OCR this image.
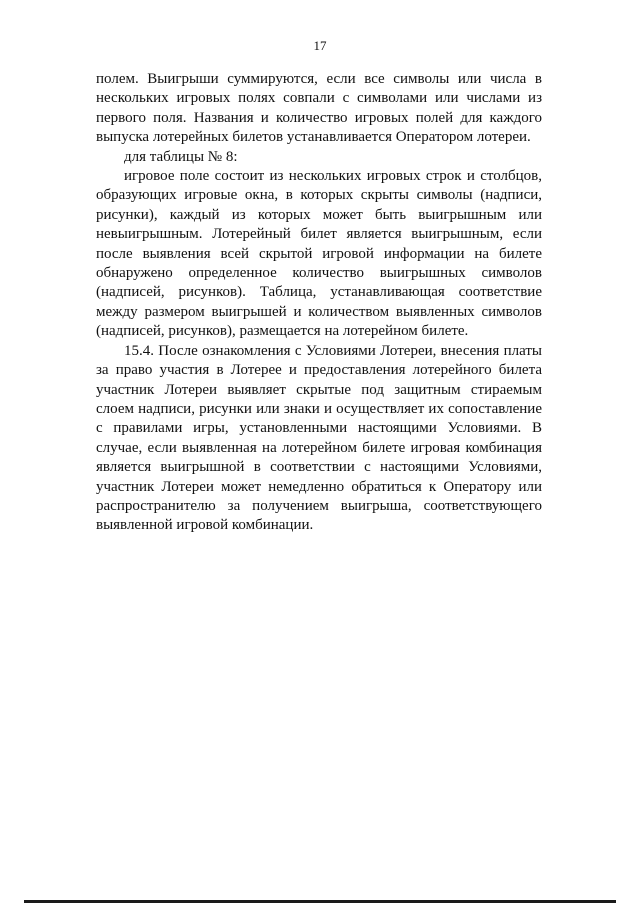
17

полем. Выигрыши суммируются, если все символы или числа в нескольких игровых полях совпали с символами или числами из первого поля. Названия и количество игровых полей для каждого выпуска лотерейных билетов устанавливается Оператором лотереи.

для таблицы № 8:

игровое поле состоит из нескольких игровых строк и столбцов, образующих игровые окна, в которых скрыты символы (надписи, рисунки), каждый из которых может быть выигрышным или невыигрышным. Лотерейный билет является выигрышным, если после выявления всей скрытой игровой информации на билете обнаружено определенное количество выигрышных символов (надписей, рисунков). Таблица, устанавливающая соответствие между размером выигрышей и количеством выявленных символов (надписей, рисунков), размещается на лотерейном билете.

15.4. После ознакомления с Условиями Лотереи, внесения платы за право участия в Лотерее и предоставления лотерейного билета участник Лотереи выявляет скрытые под защитным стираемым слоем надписи, рисунки или знаки и осуществляет их сопоставление с правилами игры, установленными настоящими Условиями. В случае, если выявленная на лотерейном билете игровая комбинация является выигрышной в соответствии с настоящими Условиями, участник Лотереи может немедленно обратиться к Оператору или распространителю за получением выигрыша, соответствующего выявленной игровой комбинации.
